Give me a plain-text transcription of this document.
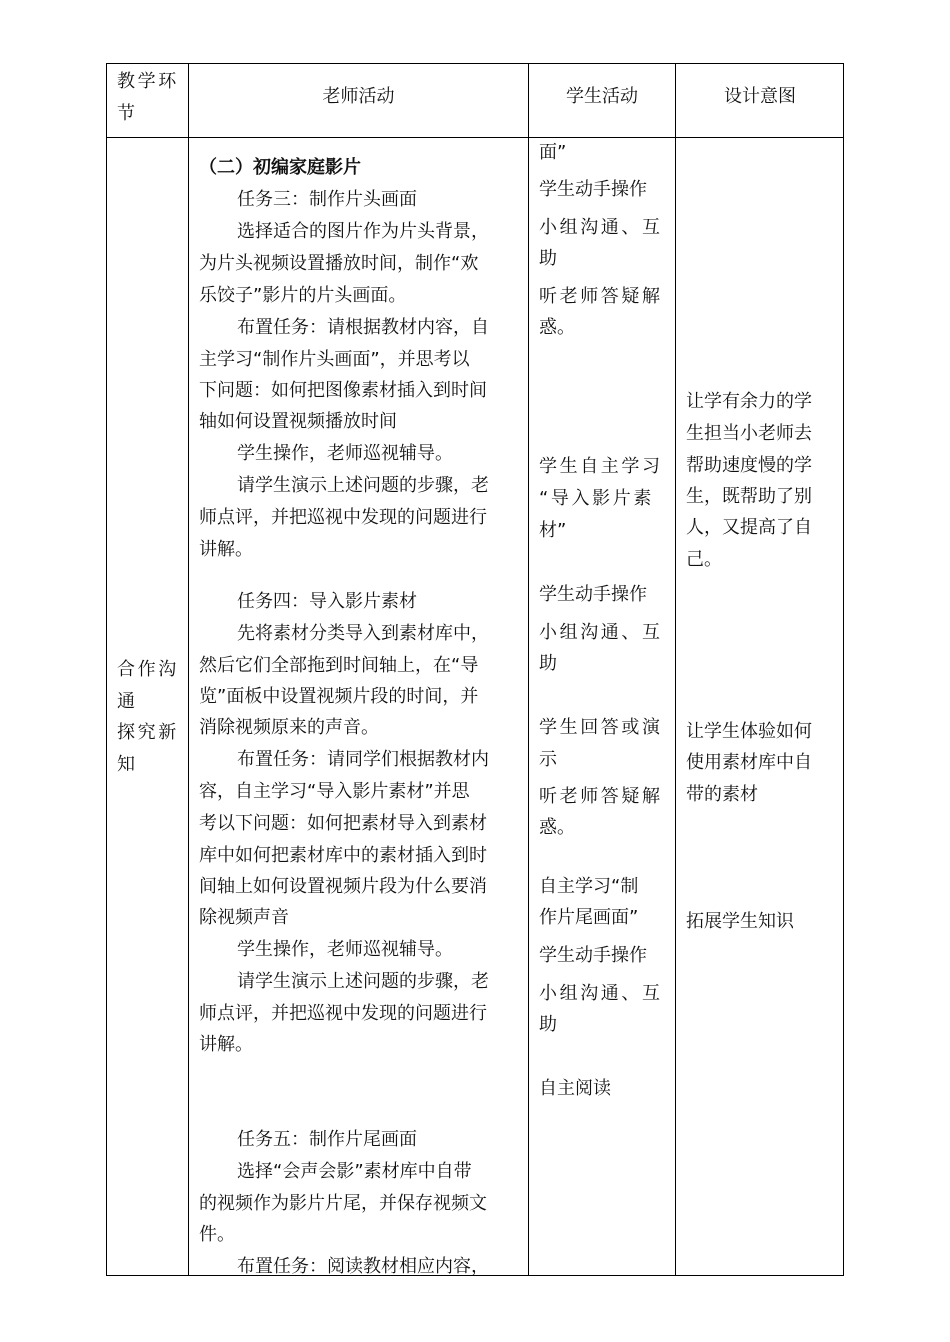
教学环
节
老师活动	学生活动	设计意图
合作沟
通
探究新
知
（二）初编家庭影片
任务三：制作片头画面
选择适合的图片作为片头背景，
为片头视频设置播放时间，制作“欢
乐饺子”影片的片头画面。
布置任务：请根据教材内容，自
主学习“制作片头画面”，并思考以
下问题：如何把图像素材插入到时间
轴如何设置视频播放时间
学生操作，老师巡视辅导。
请学生演示上述问题的步骤，老
师点评，并把巡视中发现的问题进行
讲解。
任务四：导入影片素材
先将素材分类导入到素材库中，
然后它们全部拖到时间轴上，在“导
览”面板中设置视频片段的时间，并
消除视频原来的声音。
布置任务：请同学们根据教材内
容，自主学习“导入影片素材”并思
考以下问题：如何把素材导入到素材
库中如何把素材库中的素材插入到时
间轴上如何设置视频片段为什么要消
除视频声音
学生操作，老师巡视辅导。
请学生演示上述问题的步骤，老
师点评，并把巡视中发现的问题进行
讲解。
任务五：制作片尾画面
选择“会声会影”素材库中自带
的视频作为影片片尾，并保存视频文
件。
布置任务：阅读教材相应内容，
面”
学生动手操作
小组沟通、互
助
听老师答疑解
惑。
学生自主学习
“导入影片素
材”
学生动手操作
小组沟通、互
助
学生回答或演
示
听老师答疑解
惑。
自主学习“制
作片尾画面”
学生动手操作
小组沟通、互
助
自主阅读
让学有余力的学
生担当小老师去
帮助速度慢的学
生，既帮助了别
人，又提高了自
己。
让学生体验如何
使用素材库中自
带的素材
拓展学生知识
